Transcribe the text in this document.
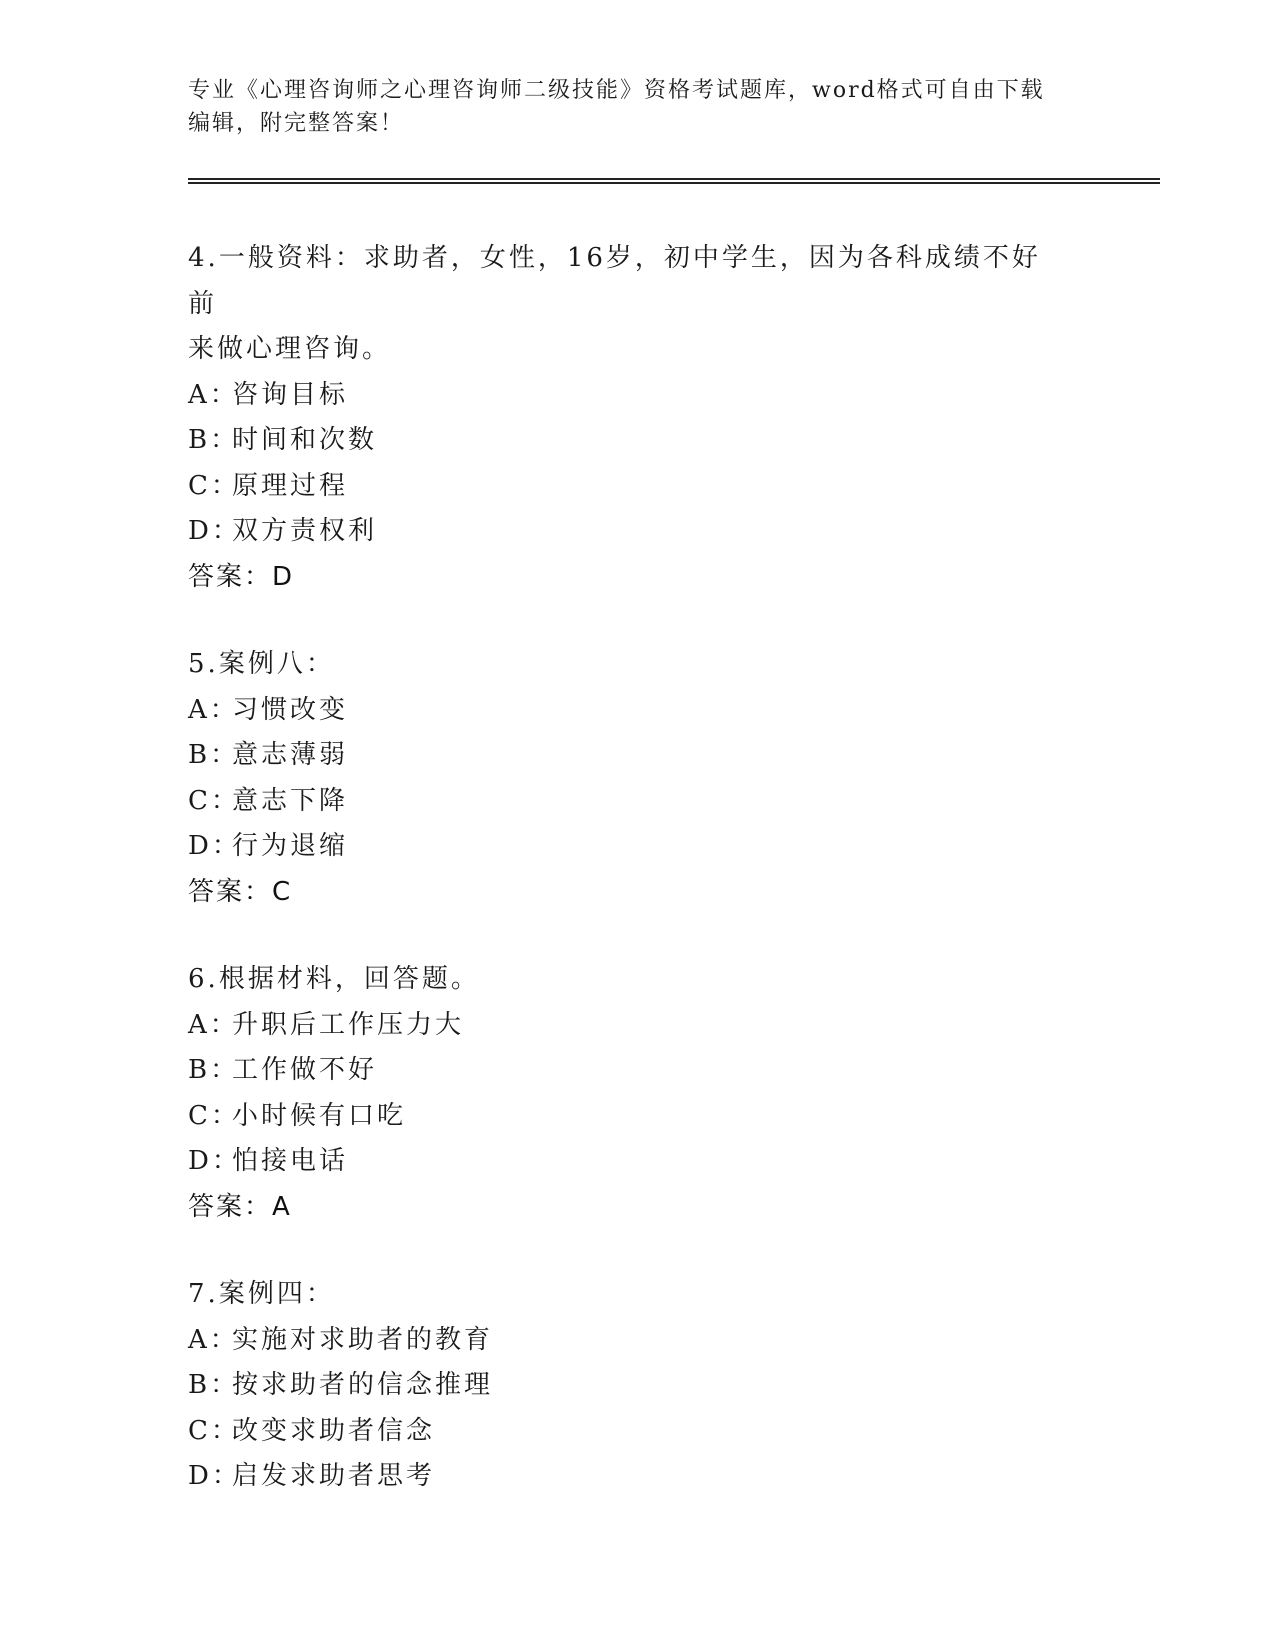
专业《心理咨询师之心理咨询师二级技能》资格考试题库，word格式可自由下载
编辑，附完整答案！
4.一般资料：求助者，女性，16岁，初中学生，因为各科成绩不好前
来做心理咨询。
A：咨询目标
B：时间和次数
C：原理过程
D：双方责权利
答案：D
5.案例八：
A：习惯改变
B：意志薄弱
C：意志下降
D：行为退缩
答案：C
6.根据材料，回答题。
A：升职后工作压力大
B：工作做不好
C：小时候有口吃
D：怕接电话
答案：A
7.案例四：
A：实施对求助者的教育
B：按求助者的信念推理
C：改变求助者信念
D：启发求助者思考
